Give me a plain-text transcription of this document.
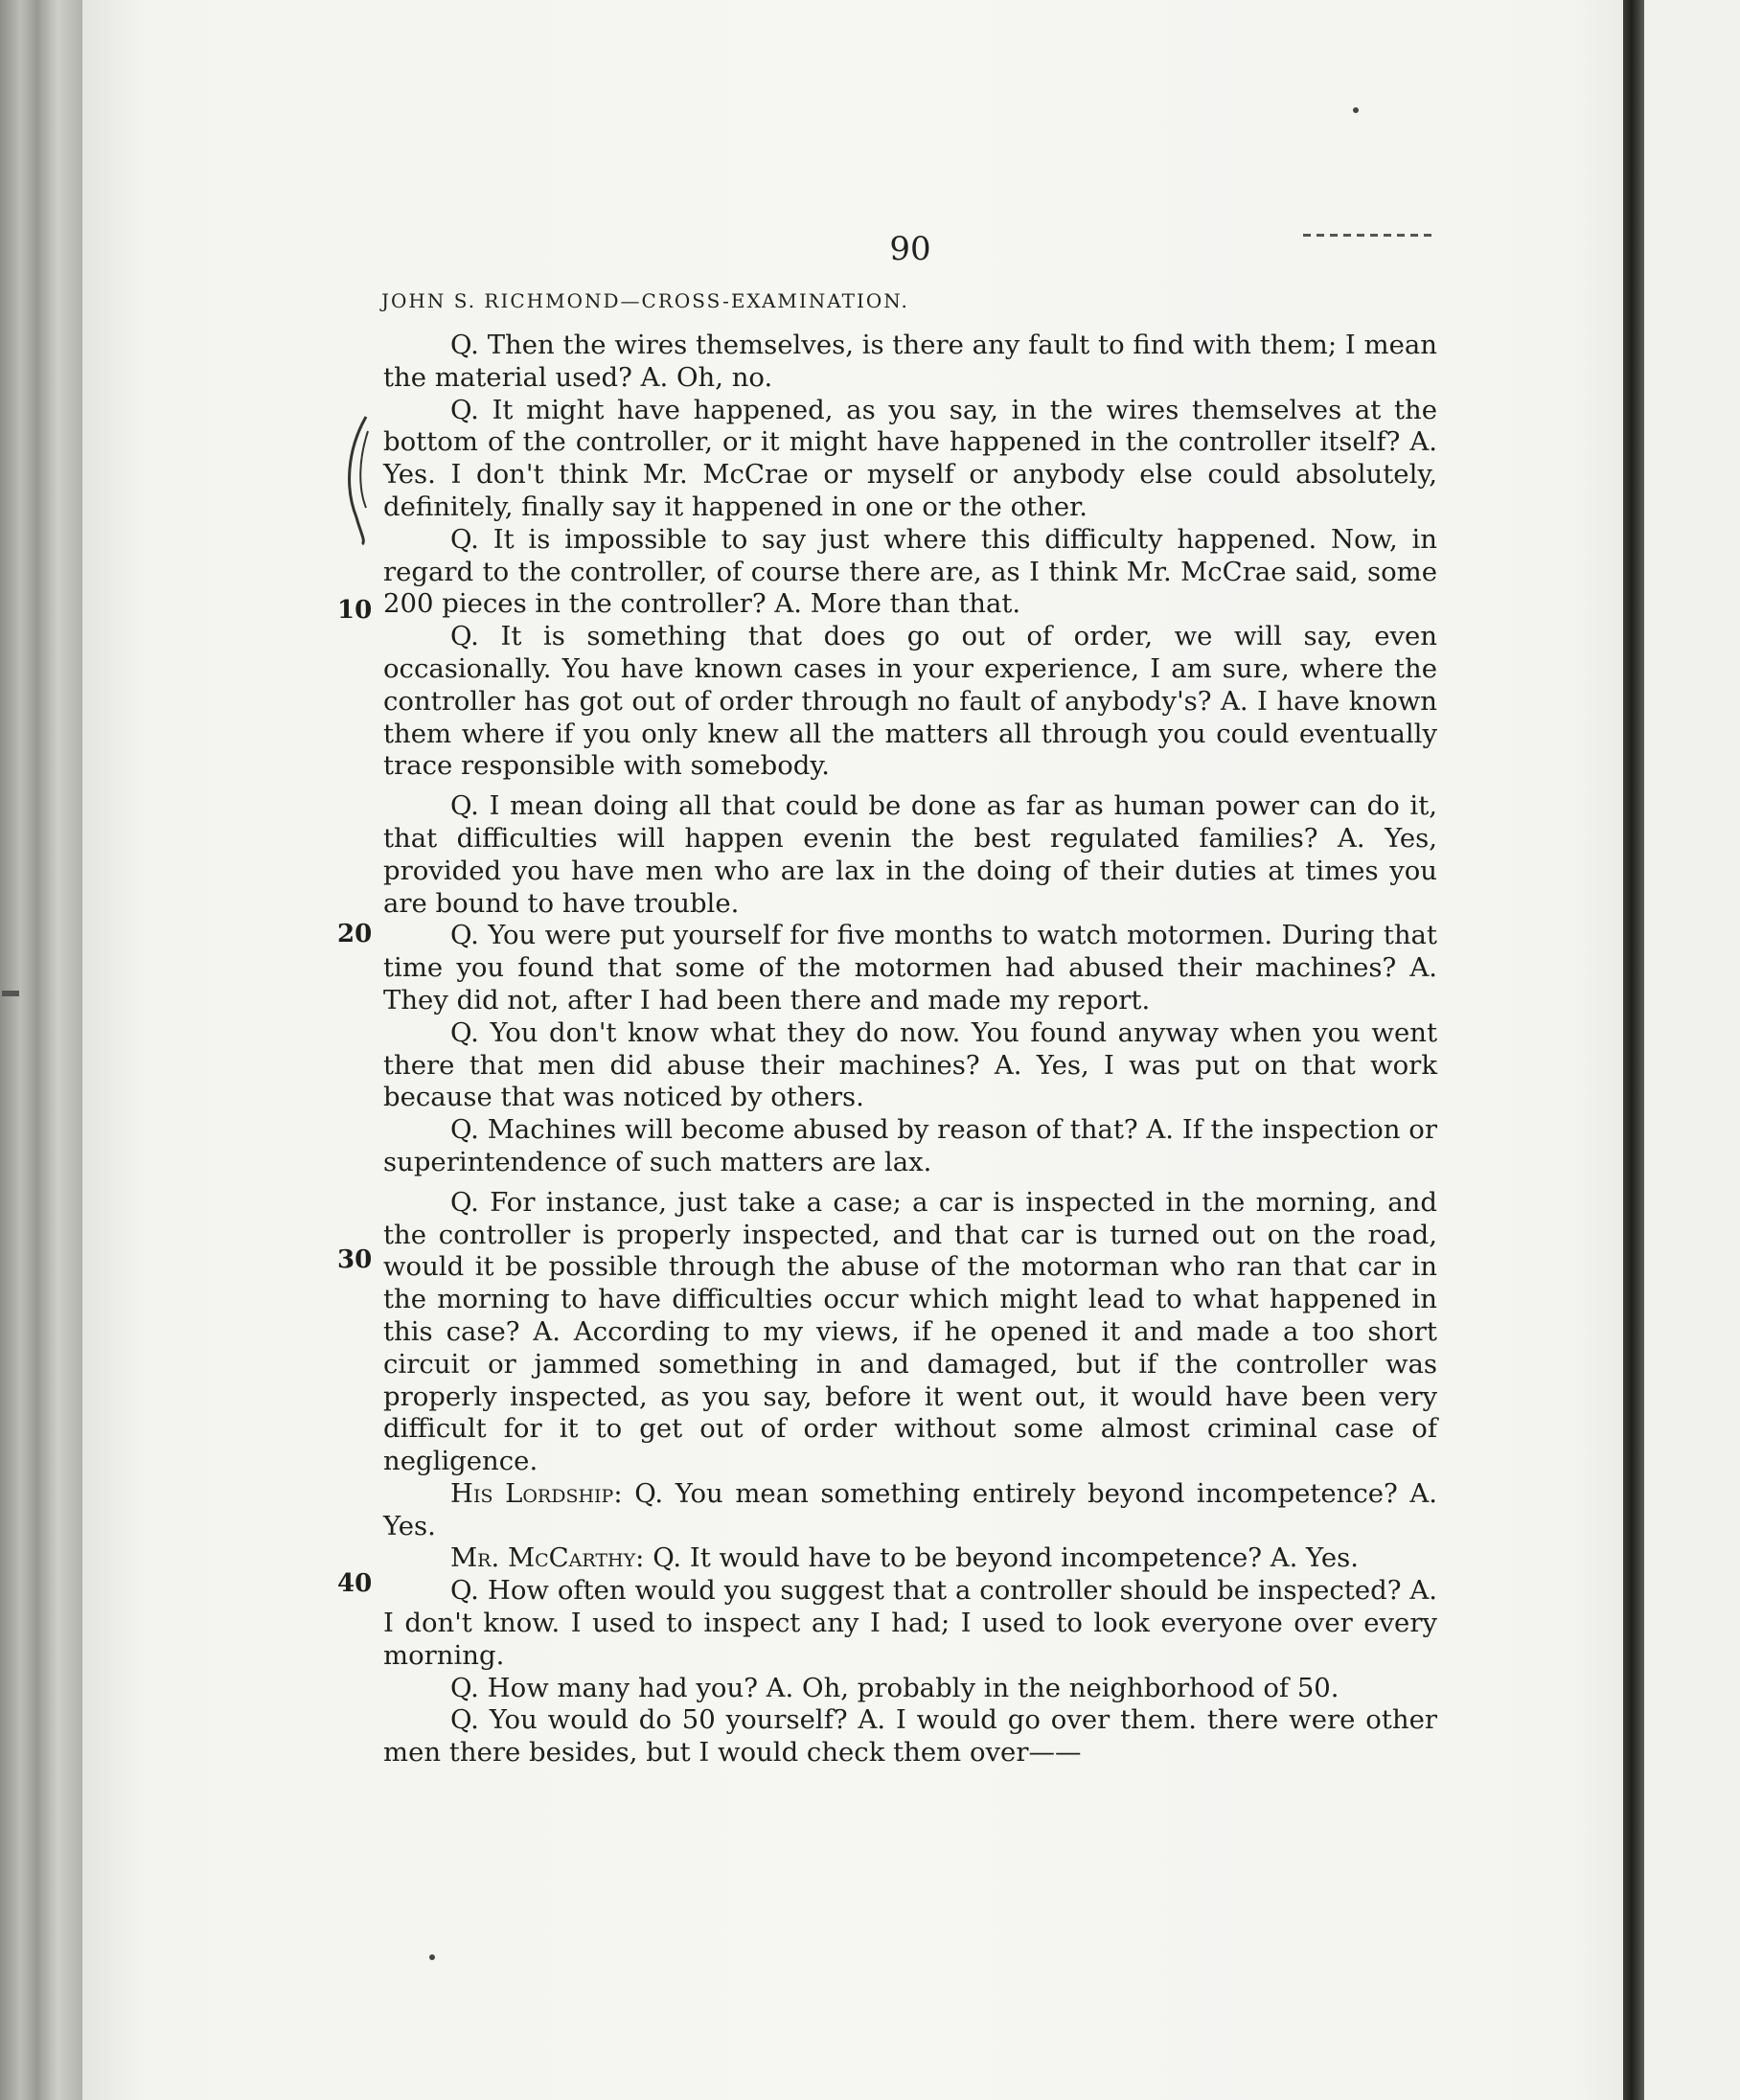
90
JOHN S. RICHMOND—CROSS-EXAMINATION.
10
20
30
40

Q. Then the wires themselves, is there any fault to find with them; I mean the material used? A. Oh, no.

Q. It might have happened, as you say, in the wires themselves at the bottom of the controller, or it might have happened in the controller itself? A. Yes. I don't think Mr. McCrae or myself or anybody else could absolutely, definitely, finally say it happened in one or the other.

Q. It is impossible to say just where this difficulty happened. Now, in regard to the controller, of course there are, as I think Mr. McCrae said, some 200 pieces in the controller? A. More than that.

Q. It is something that does go out of order, we will say, even occasionally. You have known cases in your experience, I am sure, where the controller has got out of order through no fault of anybody's? A. I have known them where if you only knew all the matters all through you could eventually trace responsible with somebody.

Q. I mean doing all that could be done as far as human power can do it, that difficulties will happen evenin the best regulated families? A. Yes, provided you have men who are lax in the doing of their duties at times you are bound to have trouble.

Q. You were put yourself for five months to watch motormen. During that time you found that some of the motormen had abused their machines? A. They did not, after I had been there and made my report.

Q. You don't know what they do now. You found anyway when you went there that men did abuse their machines? A. Yes, I was put on that work because that was noticed by others.

Q. Machines will become abused by reason of that? A. If the inspection or superintendence of such matters are lax.

Q. For instance, just take a case; a car is inspected in the morning, and the controller is properly inspected, and that car is turned out on the road, would it be possible through the abuse of the motorman who ran that car in the morning to have difficulties occur which might lead to what happened in this case? A. According to my views, if he opened it and made a too short circuit or jammed something in and damaged, but if the controller was properly inspected, as you say, before it went out, it would have been very difficult for it to get out of order without some almost criminal case of negligence.

His Lordship: Q. You mean something entirely beyond incompetence? A. Yes.

Mr. McCarthy: Q. It would have to be beyond incompetence? A. Yes.

Q. How often would you suggest that a controller should be inspected? A. I don't know. I used to inspect any I had; I used to look everyone over every morning.

Q. How many had you? A. Oh, probably in the neighborhood of 50.

Q. You would do 50 yourself? A. I would go over them. there were other men there besides, but I would check them over——
